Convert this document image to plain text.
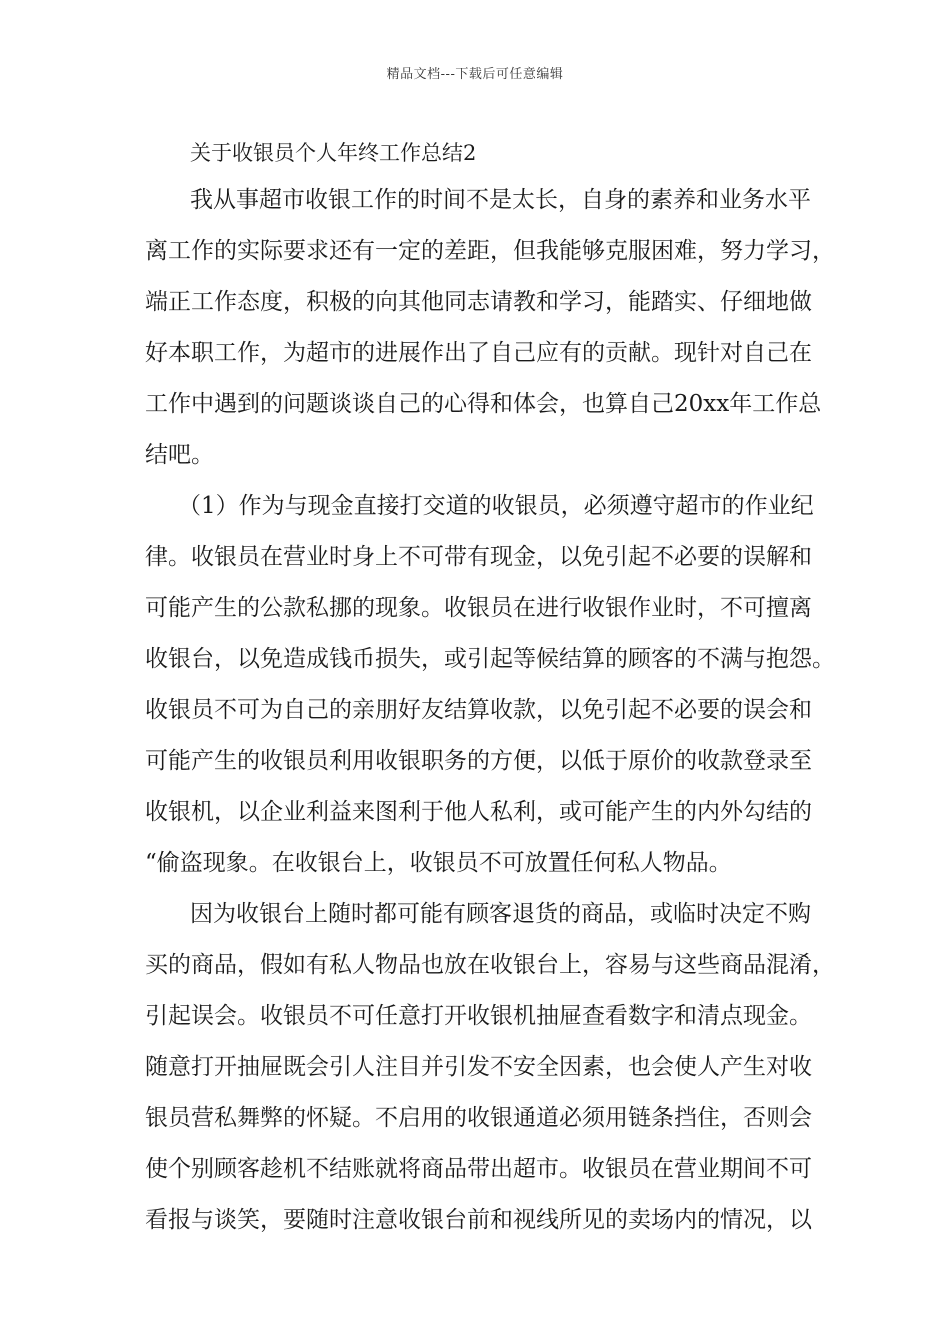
精品文档---下载后可任意编辑
关于收银员个人年终工作总结2
我从事超市收银工作的时间不是太长，自身的素养和业务水平
离工作的实际要求还有一定的差距，但我能够克服困难，努力学习，
端正工作态度，积极的向其他同志请教和学习，能踏实、仔细地做
好本职工作，为超市的进展作出了自己应有的贡献。现针对自己在
工作中遇到的问题谈谈自己的心得和体会，也算自己20xx年工作总
结吧。
（1）作为与现金直接打交道的收银员，必须遵守超市的作业纪
律。收银员在营业时身上不可带有现金，以免引起不必要的误解和
可能产生的公款私挪的现象。收银员在进行收银作业时，不可擅离
收银台，以免造成钱币损失，或引起等候结算的顾客的不满与抱怨。
收银员不可为自己的亲朋好友结算收款，以免引起不必要的误会和
可能产生的收银员利用收银职务的方便，以低于原价的收款登录至
收银机，以企业利益来图利于他人私利，或可能产生的内外勾结的
“偷盗现象。在收银台上，收银员不可放置任何私人物品。
因为收银台上随时都可能有顾客退货的商品，或临时决定不购
买的商品，假如有私人物品也放在收银台上，容易与这些商品混淆，
引起误会。收银员不可任意打开收银机抽屉查看数字和清点现金。
随意打开抽屉既会引人注目并引发不安全因素，也会使人产生对收
银员营私舞弊的怀疑。不启用的收银通道必须用链条挡住，否则会
使个别顾客趁机不结账就将商品带出超市。收银员在营业期间不可
看报与谈笑，要随时注意收银台前和视线所见的卖场内的情况，以
